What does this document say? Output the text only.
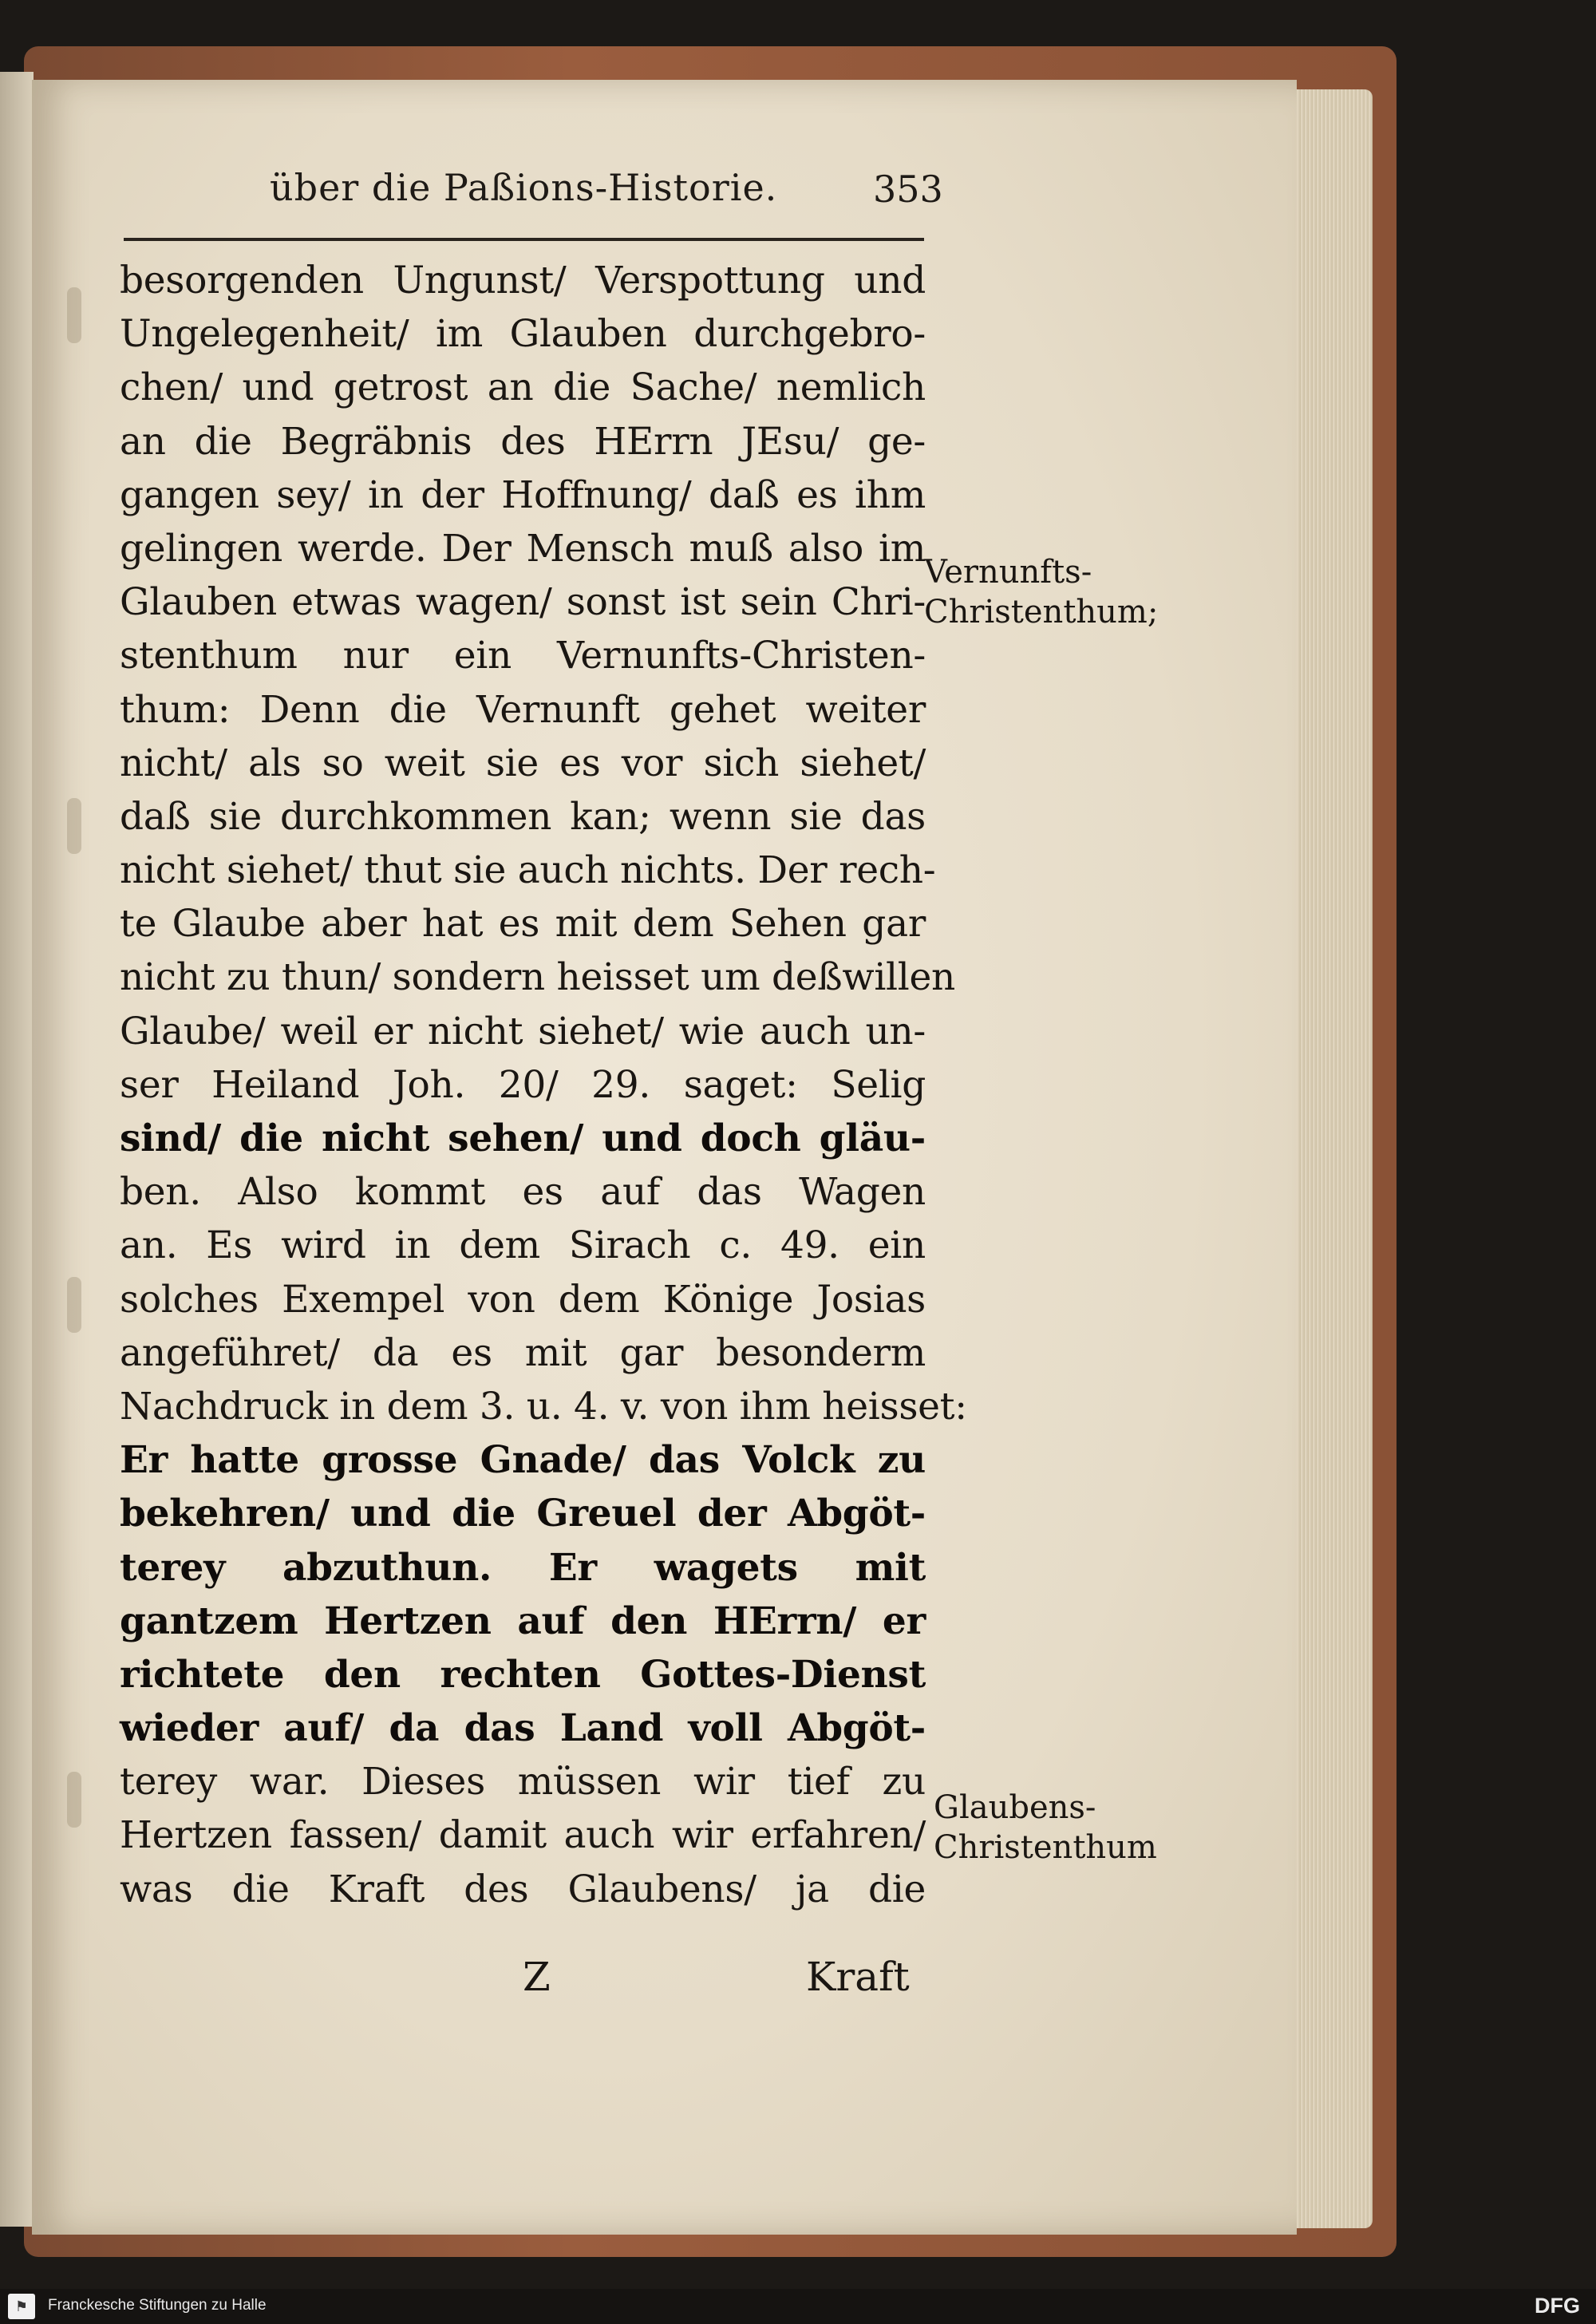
über die Paßions-Historie.	353
besorgenden Ungunst/ Verspottung und
Ungelegenheit/ im Glauben durchgebro-
chen/ und getrost an die Sache/ nemlich
an die Begräbnis des HErrn JEsu/ ge-
gangen sey/ in der Hoffnung/ daß es ihm
gelingen werde. Der Mensch muß also im
Glauben etwas wagen/ sonst ist sein Chri-
stenthum nur ein Vernunfts-Christen-
thum: Denn die Vernunft gehet weiter
nicht/ als so weit sie es vor sich siehet/
daß sie durchkommen kan; wenn sie das
nicht siehet/ thut sie auch nichts. Der rech-
te Glaube aber hat es mit dem Sehen gar
nicht zu thun/ sondern heisset um deßwillen
Glaube/ weil er nicht siehet/ wie auch un-
ser Heiland Joh. 20/ 29. saget: Selig
sind/ die nicht sehen/ und doch gläu-
ben. Also kommt es auf das Wagen
an. Es wird in dem Sirach c. 49. ein
solches Exempel von dem Könige Josias
angeführet/ da es mit gar besonderm
Nachdruck in dem 3. u. 4. v. von ihm heisset:
Er hatte grosse Gnade/ das Volck zu
bekehren/ und die Greuel der Abgöt-
terey abzuthun. Er wagets mit
gantzem Hertzen auf den HErrn/ er
richtete den rechten Gottes-Dienst
wieder auf/ da das Land voll Abgöt-
terey war. Dieses müssen wir tief zu
Hertzen fassen/ damit auch wir erfahren/
was die Kraft des Glaubens/ ja die
Vernunfts-
Christenthum;
Glaubens-
Christenthum
Z	Kraft
⚑	Franckesche Stiftungen zu Halle	DFG
